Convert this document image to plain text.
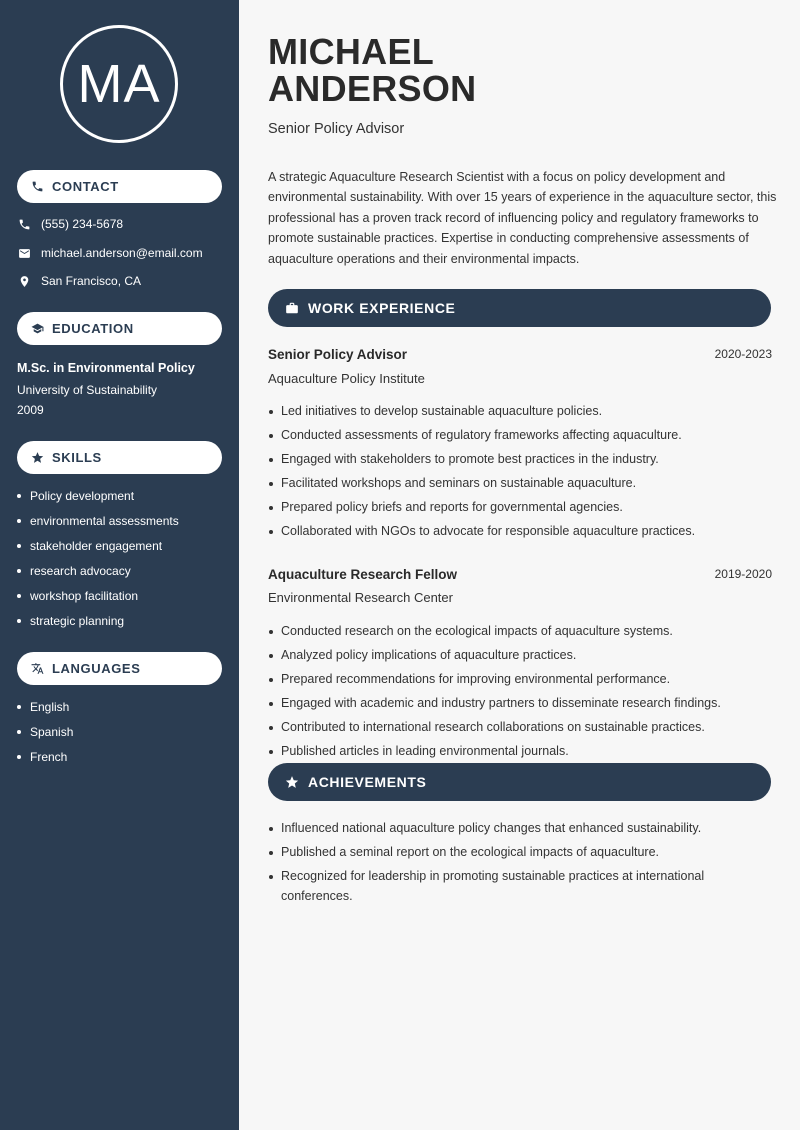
MA
CONTACT
(555) 234-5678
michael.anderson@email.com
San Francisco, CA
EDUCATION
M.Sc. in Environmental Policy
University of Sustainability
2009
SKILLS
Policy development
environmental assessments
stakeholder engagement
research advocacy
workshop facilitation
strategic planning
LANGUAGES
English
Spanish
French
MICHAEL
ANDERSON
Senior Policy Advisor
A strategic Aquaculture Research Scientist with a focus on policy development and environmental sustainability. With over 15 years of experience in the aquaculture sector, this professional has a proven track record of influencing policy and regulatory frameworks to promote sustainable practices. Expertise in conducting comprehensive assessments of aquaculture operations and their environmental impacts.
WORK EXPERIENCE
Senior Policy Advisor	2020-2023
Aquaculture Policy Institute
Led initiatives to develop sustainable aquaculture policies.
Conducted assessments of regulatory frameworks affecting aquaculture.
Engaged with stakeholders to promote best practices in the industry.
Facilitated workshops and seminars on sustainable aquaculture.
Prepared policy briefs and reports for governmental agencies.
Collaborated with NGOs to advocate for responsible aquaculture practices.
Aquaculture Research Fellow	2019-2020
Environmental Research Center
Conducted research on the ecological impacts of aquaculture systems.
Analyzed policy implications of aquaculture practices.
Prepared recommendations for improving environmental performance.
Engaged with academic and industry partners to disseminate research findings.
Contributed to international research collaborations on sustainable practices.
Published articles in leading environmental journals.
ACHIEVEMENTS
Influenced national aquaculture policy changes that enhanced sustainability.
Published a seminal report on the ecological impacts of aquaculture.
Recognized for leadership in promoting sustainable practices at international conferences.
